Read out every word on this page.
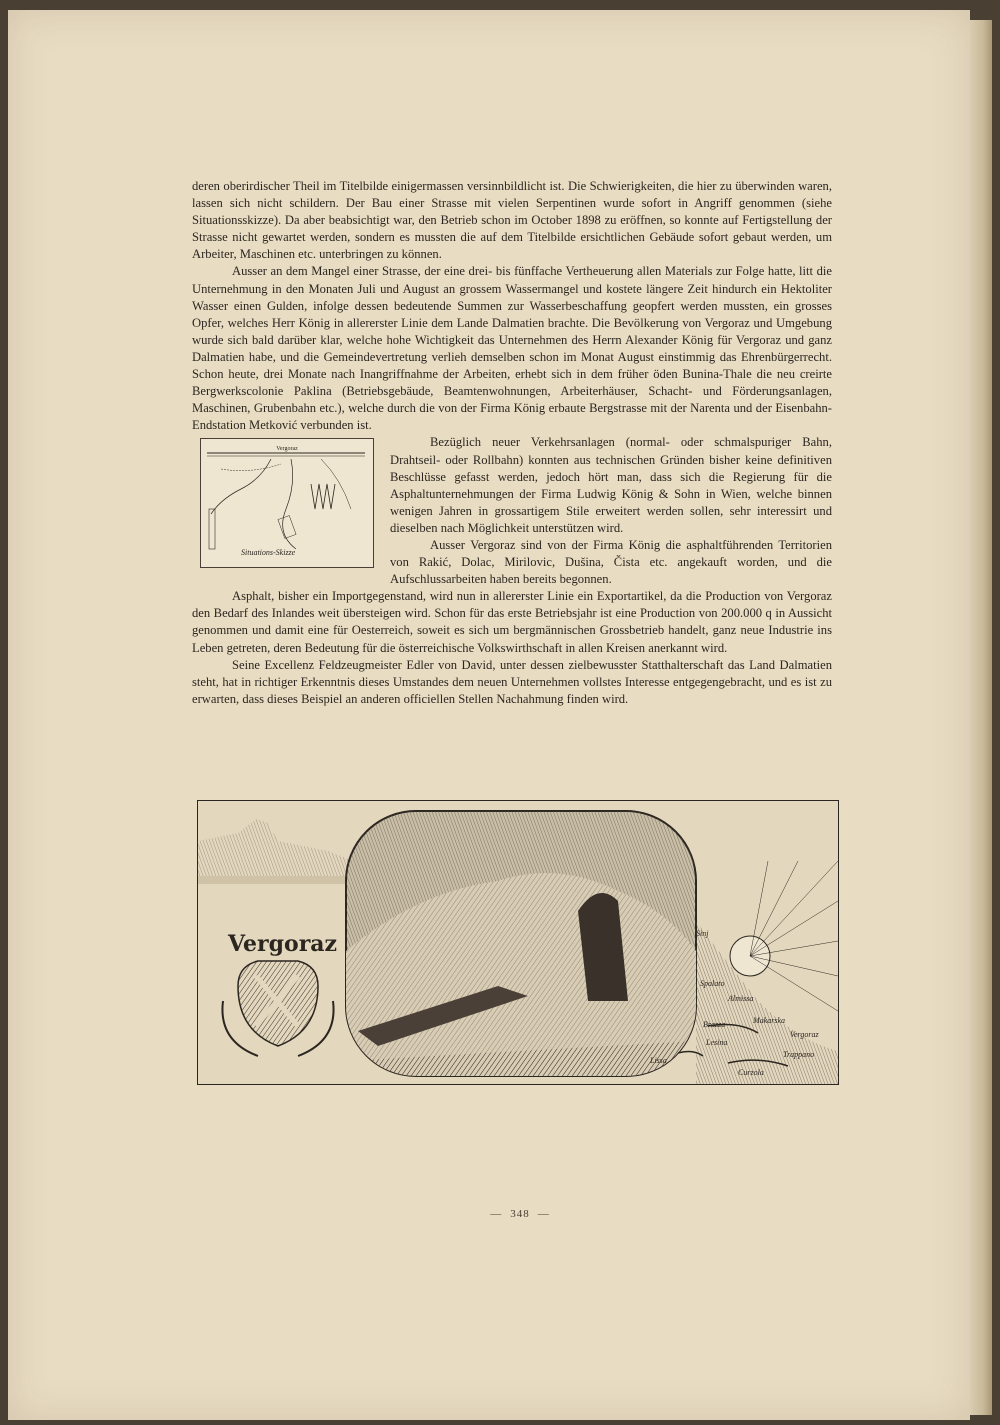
deren oberirdischer Theil im Titelbilde einigermassen versinnbildlicht ist. Die Schwierigkeiten, die hier zu überwinden waren, lassen sich nicht schildern. Der Bau einer Strasse mit vielen Serpentinen wurde sofort in Angriff genommen (siehe Situationsskizze). Da aber beabsichtigt war, den Betrieb schon im October 1898 zu eröffnen, so konnte auf Fertigstellung der Strasse nicht gewartet werden, sondern es mussten die auf dem Titelbilde ersichtlichen Gebäude sofort gebaut werden, um Arbeiter, Maschinen etc. unterbringen zu können.

Ausser an dem Mangel einer Strasse, der eine drei- bis fünffache Vertheuerung allen Materials zur Folge hatte, litt die Unternehmung in den Monaten Juli und August an grossem Wassermangel und kostete längere Zeit hindurch ein Hektoliter Wasser einen Gulden, infolge dessen bedeutende Summen zur Wasserbeschaffung geopfert werden mussten, ein grosses Opfer, welches Herr König in allererster Linie dem Lande Dalmatien brachte. Die Bevölkerung von Vergoraz und Umgebung wurde sich bald darüber klar, welche hohe Wichtigkeit das Unternehmen des Herrn Alexander König für Vergoraz und ganz Dalmatien habe, und die Gemeindevertretung verlieh demselben schon im Monat August einstimmig das Ehrenbürgerrecht. Schon heute, drei Monate nach Inangriffnahme der Arbeiten, erhebt sich in dem früher öden Bunina-Thale die neu creirte Bergwerkscolonie Paklina (Betriebsgebäude, Beamtenwohnungen, Arbeiterhäuser, Schacht- und Förderungsanlagen, Maschinen, Grubenbahn etc.), welche durch die von der Firma König erbaute Bergstrasse mit der Narenta und der Eisenbahn-Endstation Metković verbunden ist.

Vergoraz
Situations-Skizze

Bezüglich neuer Verkehrsanlagen (normal- oder schmalspuriger Bahn, Drahtseil- oder Rollbahn) konnten aus technischen Gründen bisher keine definitiven Beschlüsse gefasst werden, jedoch hört man, dass sich die Regierung für die Asphaltunternehmungen der Firma Ludwig König & Sohn in Wien, welche binnen wenigen Jahren in grossartigem Stile erweitert werden sollen, sehr interessirt und dieselben nach Möglichkeit unterstützen wird.

Ausser Vergoraz sind von der Firma König die asphaltführenden Territorien von Rakić, Dolac, Mirilovic, Dušina, Čista etc. angekauft worden, und die Aufschlussarbeiten haben bereits begonnen.

Asphalt, bisher ein Importgegenstand, wird nun in allererster Linie ein Exportartikel, da die Production von Vergoraz den Bedarf des Inlandes weit übersteigen wird. Schon für das erste Betriebsjahr ist eine Production von 200.000 q in Aussicht genommen und damit eine für Oesterreich, soweit es sich um bergmännischen Grossbetrieb handelt, ganz neue Industrie ins Leben getreten, deren Bedeutung für die österreichische Volkswirthschaft in allen Kreisen anerkannt wird.

Seine Excellenz Feldzeugmeister Edler von David, unter dessen zielbewusster Statthalterschaft das Land Dalmatien steht, hat in richtiger Erkenntnis dieses Umstandes dem neuen Unternehmen vollstes Interesse entgegengebracht, und es ist zu erwarten, dass dieses Beispiel an anderen officiellen Stellen Nachahmung finden wird.

Vergoraz	Sinj
Spalato
Almissa
Brazza	Makarska
Lesina
Vergoraz
Lissa
Curzola
Trappano
— 348 —
